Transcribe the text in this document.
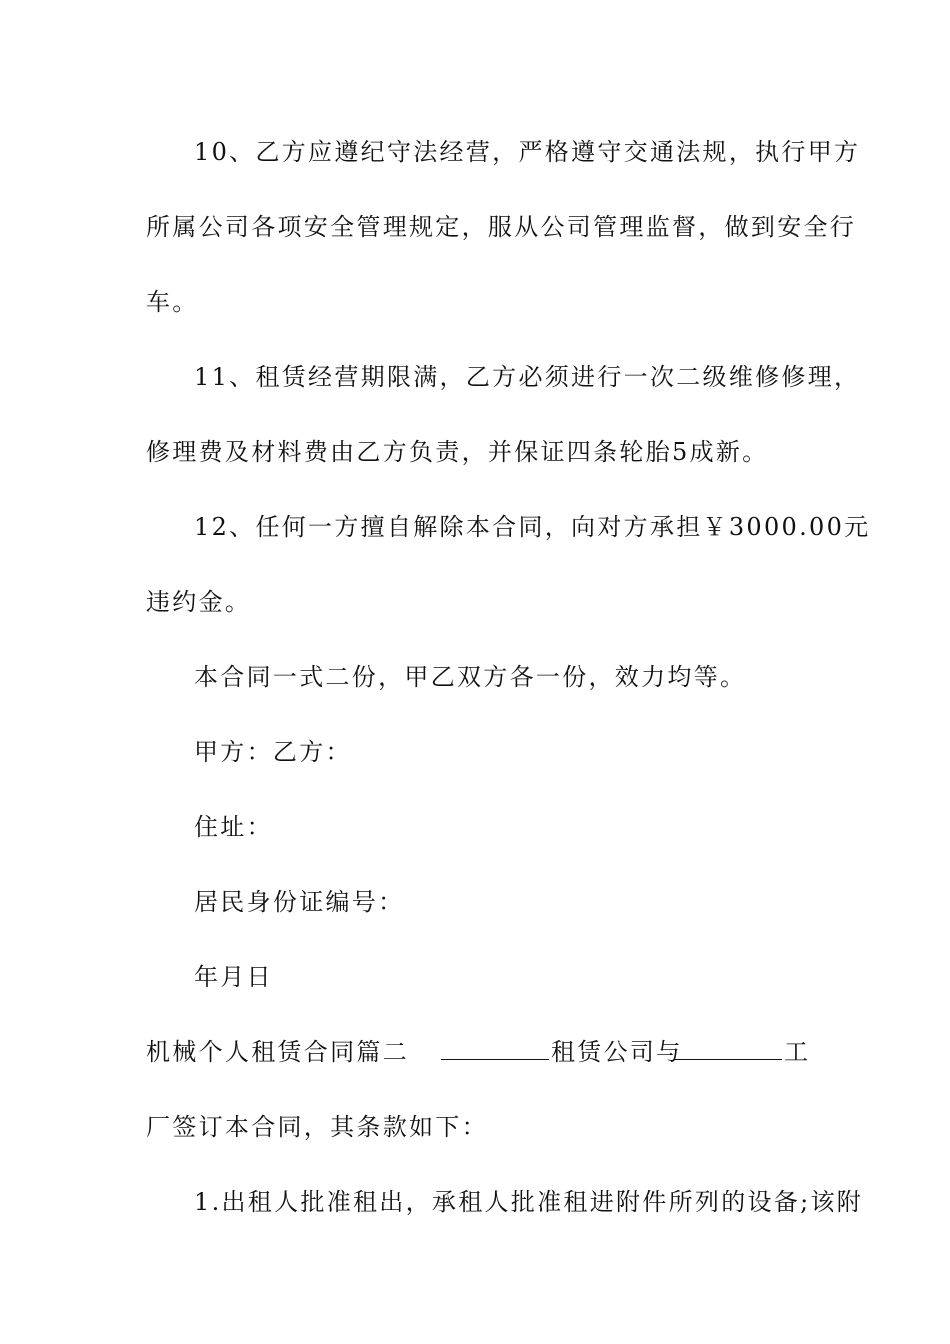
10、乙方应遵纪守法经营，严格遵守交通法规，执行甲方
所属公司各项安全管理规定，服从公司管理监督，做到安全行
车。
11、租赁经营期限满，乙方必须进行一次二级维修修理，
修理费及材料费由乙方负责，并保证四条轮胎5成新。
12、任何一方擅自解除本合同，向对方承担￥3000.00元
违约金。
本合同一式二份，甲乙双方各一份，效力均等。
甲方：乙方：
住址：
居民身份证编号：
年月日
机械个人租赁合同篇二	租赁公司与	工
厂签订本合同，其条款如下：
1.出租人批准租出，承租人批准租进附件所列的设备;该附
